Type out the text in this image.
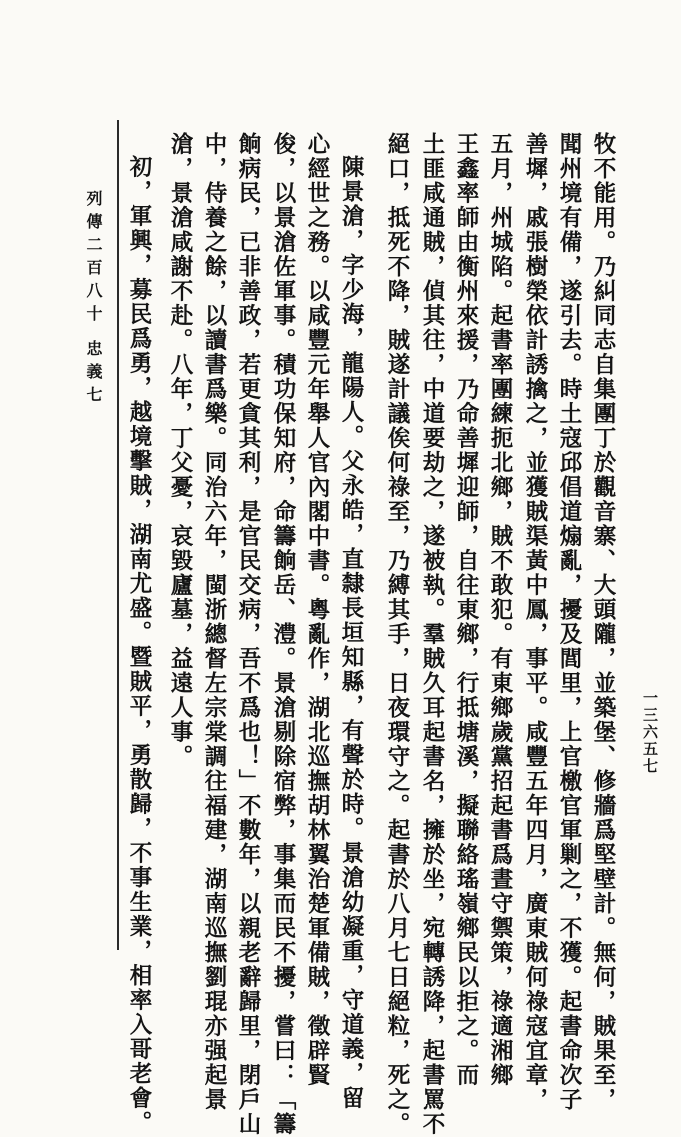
牧不能用。乃糾同志自集團丁於觀音寨、大頭隴，並築堡、修牆爲堅壁計。無何，賊果至，
聞州境有備，遂引去。時土寇邱倡道煽亂，擾及閭里，上官檄官軍剿之，不獲。起書命次子
善墀，戚張樹榮依計誘擒之，並獲賊渠黃中鳳，事平。咸豐五年四月，廣東賊何祿寇宜章，
五月，州城陷。起書率團練扼北鄉，賊不敢犯。有東鄉歲黨招起書爲晝守禦策，祿適湘鄉
王鑫率師由衡州來援，乃命善墀迎師，自往東鄉，行抵塘溪，擬聯絡瑤嶺鄉民以拒之。而
土匪咸通賊，偵其往，中道要劫之，遂被執。羣賊久耳起書名，擁於坐，宛轉誘降，起書罵不
絕口，抵死不降，賊遂計議俟何祿至，乃縛其手，日夜環守之。起書於八月七日絕粒，死之。
陳景滄，字少海，龍陽人。父永皓，直隸長垣知縣，有聲於時。景滄幼凝重，守道義，留
心經世之務。以咸豐元年舉人官內閣中書。粵亂作，湖北巡撫胡林翼治楚軍備賊，徵辟賢
俊，以景滄佐軍事。積功保知府，命籌餉岳、澧。景滄剔除宿弊，事集而民不擾，嘗曰：「籌
餉病民，已非善政，若更貪其利，是官民交病，吾不爲也！」不數年，以親老辭歸里，閉戶山
中，侍養之餘，以讀書爲樂。同治六年，閩浙總督左宗棠調往福建，湖南巡撫劉琨亦强起景
滄，景滄咸謝不赴。八年，丁父憂，哀毀廬墓，益遠人事。
初，軍興，募民爲勇，越境擊賊，湖南尤盛。暨賊平，勇散歸，不事生業，相率入哥老會。
列傳二百八十
忠義七
一三六五七
